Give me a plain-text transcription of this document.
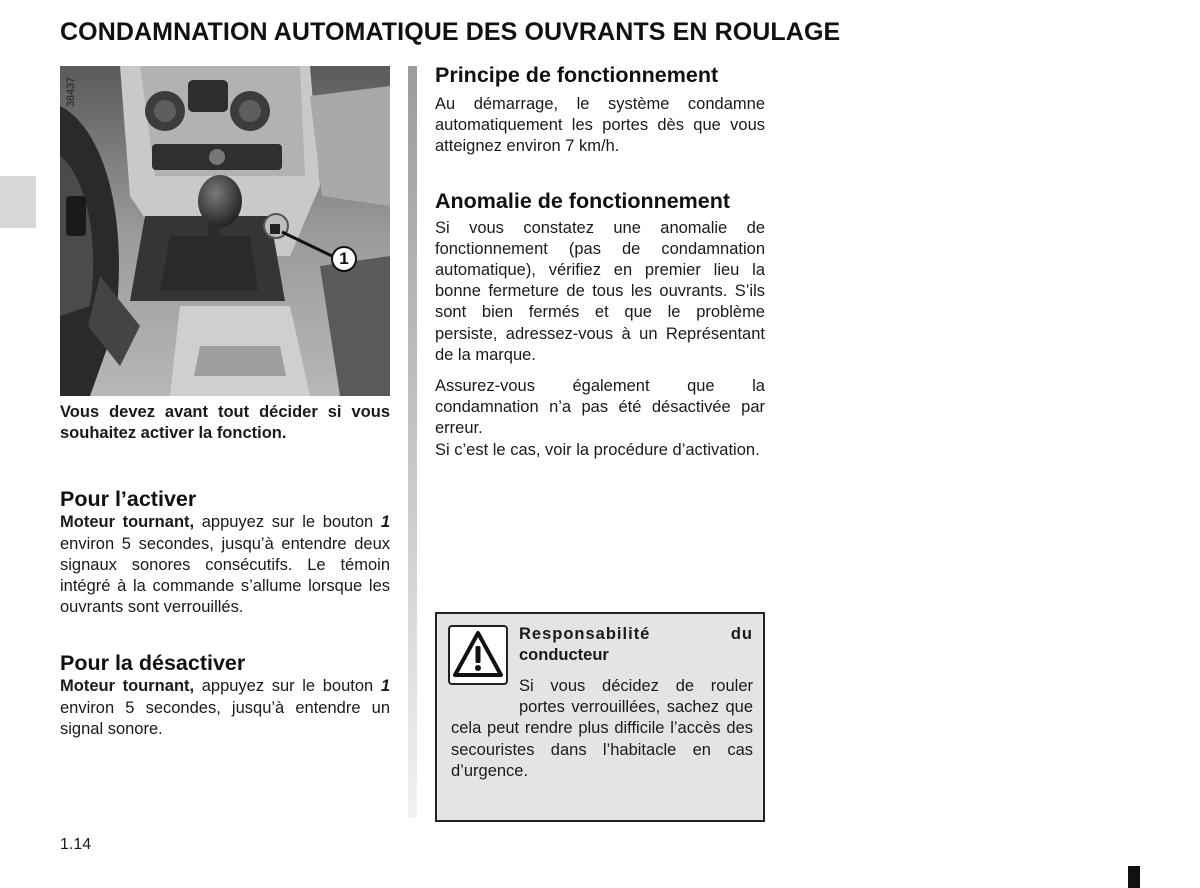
CONDAMNATION AUTOMATIQUE DES OUVRANTS EN ROULAGE
38437
1

Vous devez avant tout décider si vous souhaitez activer la fonction.

Pour l’activer

Moteur tournant, appuyez sur le bouton 1 environ 5 secondes, jusqu’à entendre deux signaux sonores consécutifs. Le témoin intégré à la commande s’allume lorsque les ouvrants sont verrouillés.

Pour la désactiver

Moteur tournant, appuyez sur le bouton 1 environ 5 secondes, jusqu’à entendre un signal sonore.

Principe de fonctionnement

Au démarrage, le système condamne automatiquement les portes dès que vous atteignez environ 7 km/h.

Anomalie de fonctionnement

Si vous constatez une anomalie de fonctionnement (pas de condamnation automatique), vérifiez en premier lieu la bonne fermeture de tous les ouvrants. S’ils sont bien fermés et que le problème persiste, adressez-vous à un Représentant de la marque.

Assurez-vous également que la condamnation n’a pas été désactivée par erreur.

Si c’est le cas, voir la procédure d’activation.

Responsabilité	du
conducteur

Si vous décidez de rouler portes verrouillées, sachez que cela peut rendre plus difficile l’accès des secouristes dans l’habitacle en cas d’urgence.

1.14
